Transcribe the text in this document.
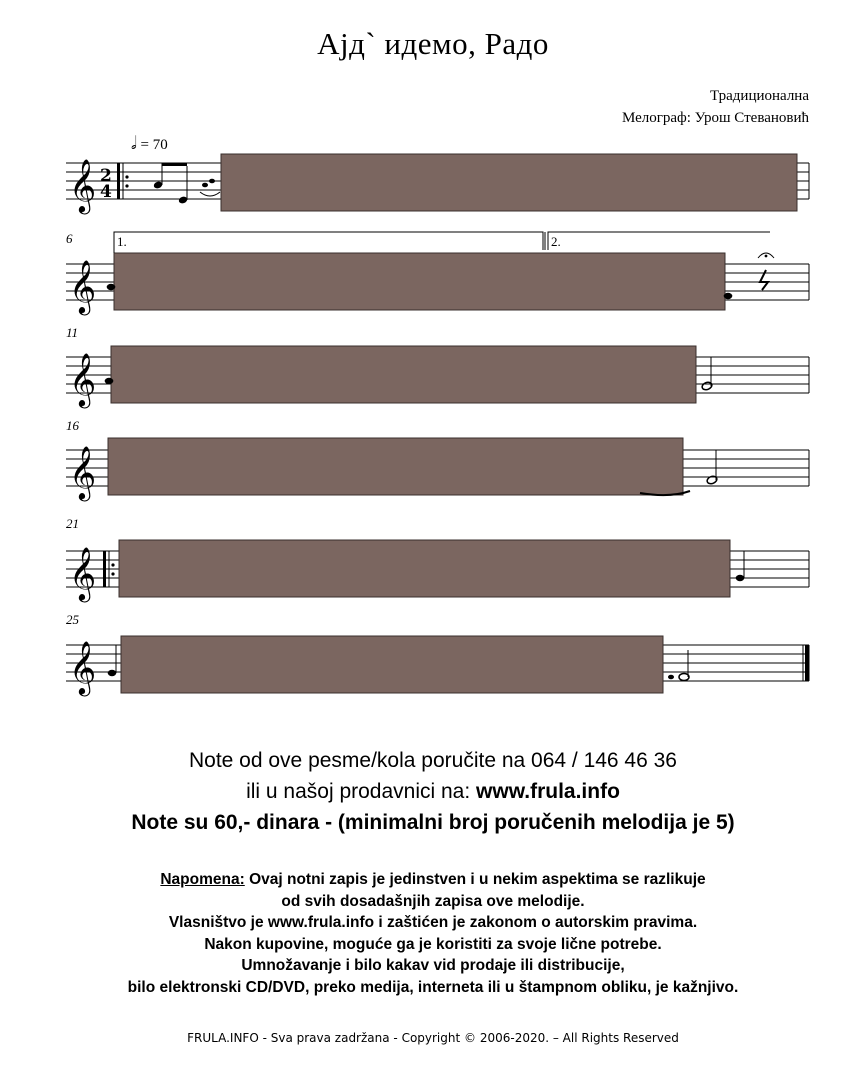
Ајд` идемо, Радо
Традиционална
Мелограф: Урош Стевановић
𝅗𝅥 = 70
𝄞
𝄞
𝄞
𝄞
𝄞
𝄞
2
4
6
11
16
21
25
1.	2.
Note od ove pesme/kola poručite na 064 / 146 46 36
ili u našoj prodavnici na: www.frula.info
Note su 60,- dinara - (minimalni broj poručenih melodija je 5)
Napomena: Ovaj notni zapis je jedinstven i u nekim aspektima se razlikuje
od svih dosadašnjih zapisa ove melodije.
Vlasništvo je www.frula.info i zaštićen je zakonom o autorskim pravima.
Nakon kupovine, moguće ga je koristiti za svoje lične potrebe.
Umnožavanje i bilo kakav vid prodaje ili distribucije,
bilo elektronski CD/DVD, preko medija, interneta ili u štampnom obliku, je kažnjivo.
FRULA.INFO - Sva prava zadržana - Copyright © 2006-2020. – All Rights Reserved
